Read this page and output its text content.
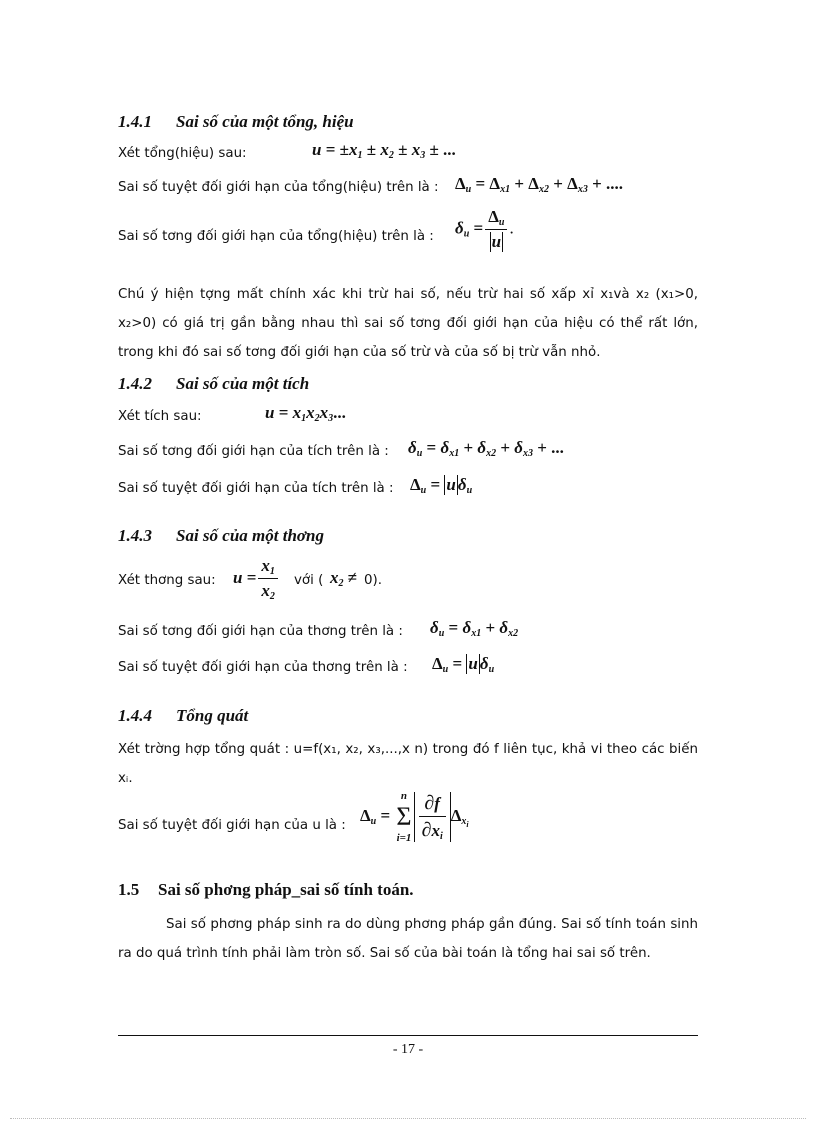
1.4.1 Sai số của một tổng, hiệu
Xét tổng(hiệu) sau:	$u = \pm x_1 \pm x_2 \pm x_3$ ± ...
Sai số tuyệt đối giới hạn của tổng(hiệu) trên là : $\Delta_u = \Delta_{x1} + \Delta_{x2} + \Delta_{x3}$ + ....
Sai số tơng đối giới hạn của tổng(hiệu) trên là : $\delta_u = \frac{\Delta_u}{u}$ .
Chú ý hiện tợng mất chính xác khi trừ hai số, nếu trừ hai số xấp xỉ x₁và x₂ (x₁>0, x₂>0) có giá trị gần bằng nhau thì sai số tơng đối giới hạn của hiệu có thể rất lớn, trong khi đó sai số tơng đối giới hạn của số trừ và của số bị trừ vẫn nhỏ.
1.4.2 Sai số của một tích
Xét tích sau:	$u = x_1x_2x_3$...
Sai số tơng đối giới hạn của tích trên là : $\delta_u = \delta_{x1} + \delta_{x2} + \delta_{x3}$ + ...
Sai số tuyệt đối giới hạn của tích trên là : $\Delta_u = u$ $\delta_u$
1.4.3 Sai số của một thơng
Xét thơng sau: $u = \frac{x_1}{x_2}$ với ( $x_2 \ne 0$).
Sai số tơng đối giới hạn của thơng trên là : $\delta_u = \delta_{x1} + \delta_{x2}$
Sai số tuyệt đối giới hạn của thơng trên là : $\Delta_u = u$ $\delta_u$
1.4.4 Tổng quát
Xét trờng hợp tổng quát : u=f(x₁, x₂, x₃,...,x n) trong đó f liên tục, khả vi theo các biến xᵢ.
Sai số tuyệt đối giới hạn của u là :
$\Delta_u$ =
n
Σ
$i=1 \frac{\partial f}{\partial x_i} \Delta_{x_i}$
1.5 Sai số phơng pháp_sai số tính toán.
Sai số phơng pháp sinh ra do dùng phơng pháp gần đúng. Sai số tính toán sinh ra do quá trình tính phải làm tròn số. Sai số của bài toán là tổng hai sai số trên.
- 17 -
